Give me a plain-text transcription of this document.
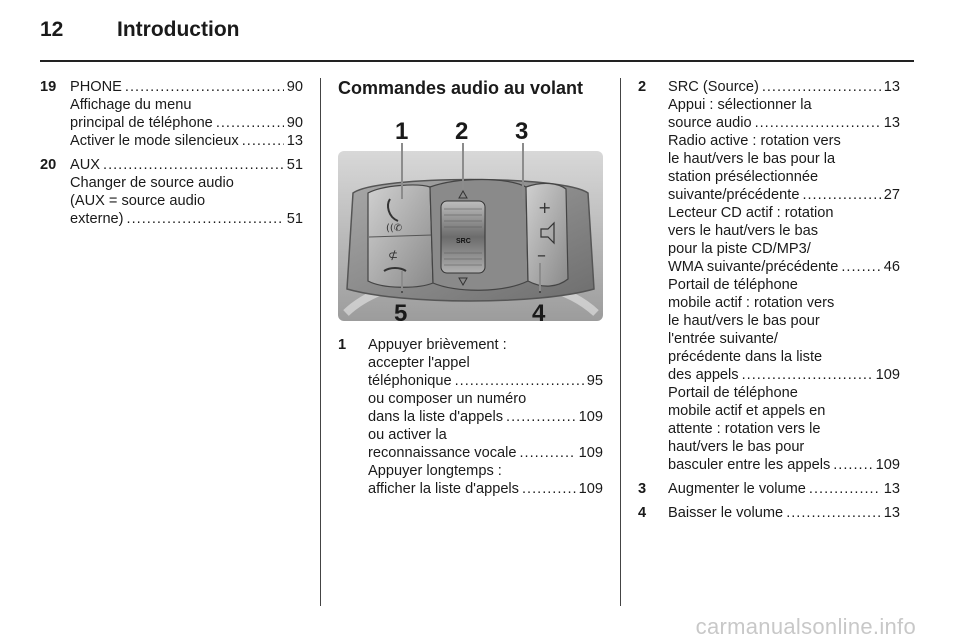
12	Introduction
19 PHONE .....	90
Affichage du menu
principal de téléphone .....	90
Activer le mode silencieux .....	13
20 AUX .....	51
Changer de source audio
(AUX = source audio
externe) .....	51
Commandes audio au volant
SRC
+
–
((✆
⊄
1 2 3
4
5
1 Appuyer brièvement :
accepter l'appel
téléphonique .....	95
ou composer un numéro
dans la liste d'appels .....	109
ou activer la
reconnaissance vocale .....	109
Appuyer longtemps :
afficher la liste d'appels .....	109
2 SRC (Source) .....	13
Appui : sélectionner la
source audio .....	13
Radio active : rotation vers
le haut/vers le bas pour la
station présélectionnée
suivante/précédente .....	27
Lecteur CD actif : rotation
vers le haut/vers le bas
pour la piste CD/MP3/
WMA suivante/précédente .....	46
Portail de téléphone
mobile actif : rotation vers
le haut/vers le bas pour
l'entrée suivante/
précédente dans la liste
des appels .....	109
Portail de téléphone
mobile actif et appels en
attente : rotation vers le
haut/vers le bas pour
basculer entre les appels .....	109
3 Augmenter le volume .....	13
4 Baisser le volume .....	13
carmanualsonline.info
